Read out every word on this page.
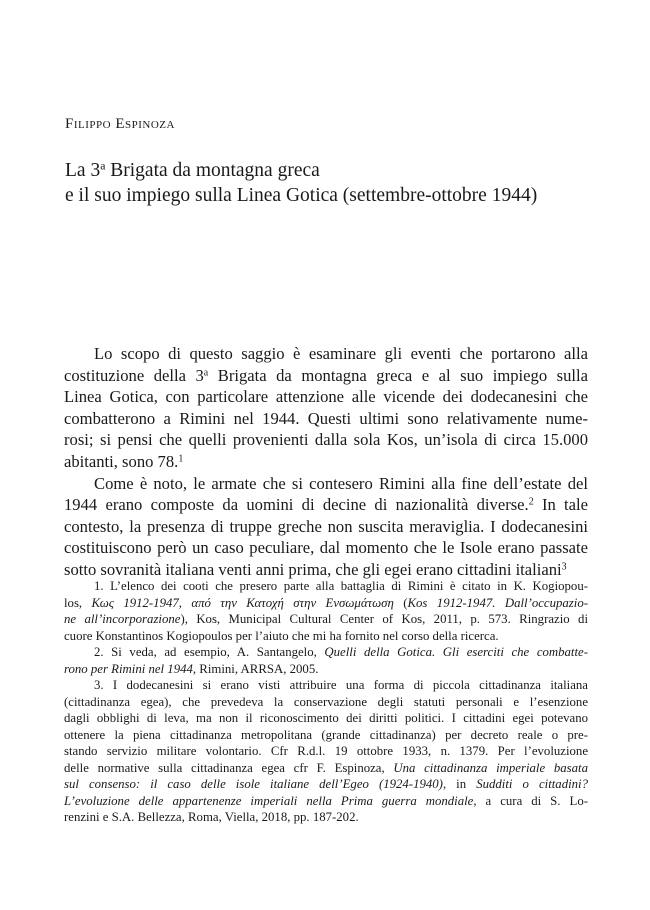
Filippo Espinoza
La 3$^a$ Brigata da montagna greca
e il suo impiego sulla Linea Gotica (settembre-ottobre 1944)
Lo scopo di questo saggio è esaminare gli eventi che portarono alla
costituzione della 3$^a$ Brigata da montagna greca e al suo impiego sulla
Linea Gotica, con particolare attenzione alle vicende dei dodecanesini che
combatterono a Rimini nel 1944. Questi ultimi sono relativamente nume-
rosi; si pensi che quelli provenienti dalla sola Kos, un’isola di circa 15.000
abitanti, sono 78.$^1$
Come è noto, le armate che si contesero Rimini alla fine dell’estate del
1944 erano composte da uomini di decine di nazionalità diverse.$^2$ In tale
contesto, la presenza di truppe greche non suscita meraviglia. I dodecanesini
costituiscono però un caso peculiare, dal momento che le Isole erano passate
sotto sovranità italiana venti anni prima, che gli egei erano cittadini italiani$^3$
1. L’elenco dei cooti che presero parte alla battaglia di Rimini è citato in K. Kogiopou-
los, Κως 1912-1947, από την Κατοχή στην Ενσωμάτωση (Kos 1912-1947. Dall’occupazio-
ne all’incorporazione), Kos, Municipal Cultural Center of Kos, 2011, p. 573. Ringrazio di
cuore Konstantinos Kogiopoulos per l’aiuto che mi ha fornito nel corso della ricerca.
2. Si veda, ad esempio, A. Santangelo, Quelli della Gotica. Gli eserciti che combatte-
rono per Rimini nel 1944, Rimini, ARRSA, 2005.
3. I dodecanesini si erano visti attribuire una forma di piccola cittadinanza italiana
(cittadinanza egea), che prevedeva la conservazione degli statuti personali e l’esenzione
dagli obblighi di leva, ma non il riconoscimento dei diritti politici. I cittadini egei potevano
ottenere la piena cittadinanza metropolitana (grande cittadinanza) per decreto reale o pre-
stando servizio militare volontario. Cfr R.d.l. 19 ottobre 1933, n. 1379. Per l’evoluzione
delle normative sulla cittadinanza egea cfr F. Espinoza, Una cittadinanza imperiale basata
sul consenso: il caso delle isole italiane dell’Egeo (1924-1940), in Sudditi o cittadini?
L’evoluzione delle appartenenze imperiali nella Prima guerra mondiale, a cura di S. Lo-
renzini e S.A. Bellezza, Roma, Viella, 2018, pp. 187-202.
